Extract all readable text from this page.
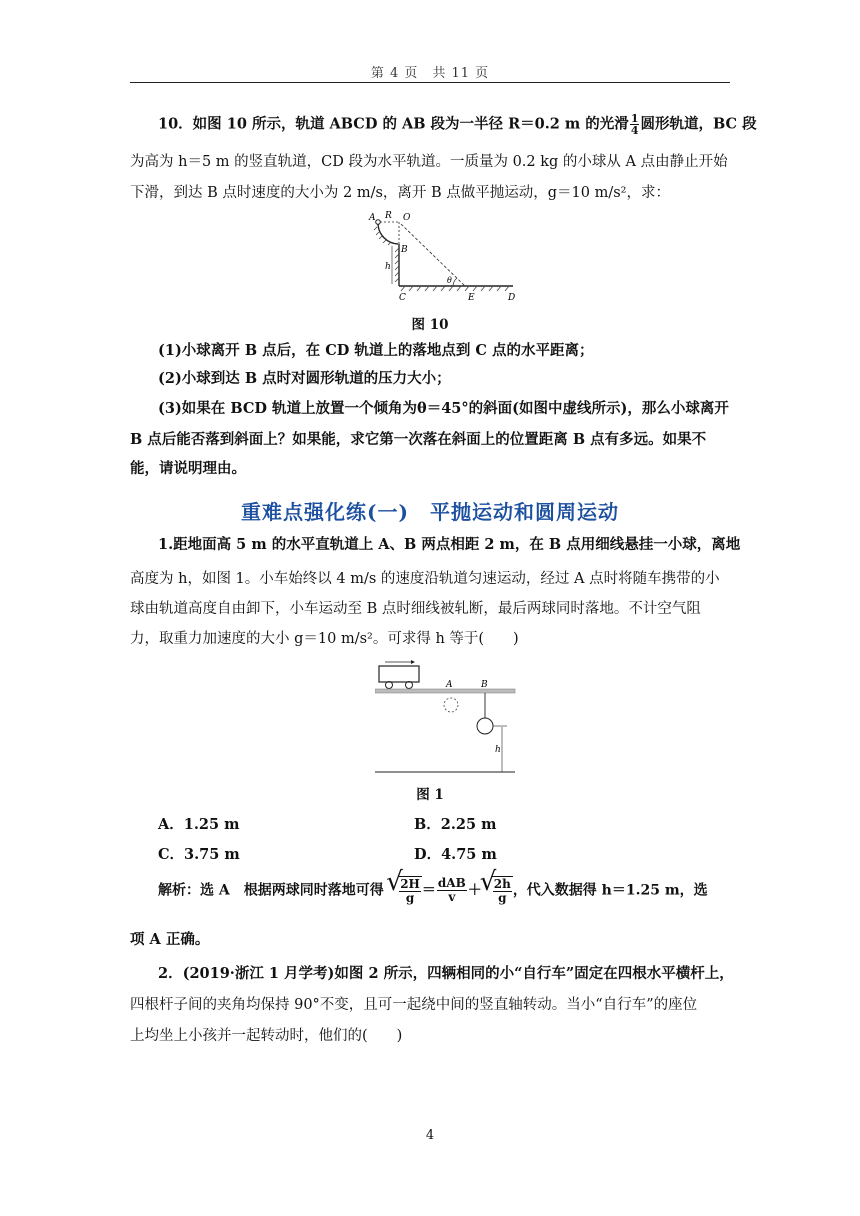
第 4 页　共 11 页
10．如图 10 所示，轨道 ABCD 的 AB 段为一半径 R＝0.2 m 的光滑 $\frac{1}{4}$ 圆形轨道，BC 段
为高为 h＝5 m 的竖直轨道，CD 段为水平轨道。一质量为 0.2 kg 的小球从 A 点由静止开始
下滑，到达 B 点时速度的大小为 2 m/s，离开 B 点做平抛运动，g＝10 m/s²，求：
A R O
B
h
θ
C	E	D
图 10
(1)小球离开 B 点后，在 CD 轨道上的落地点到 C 点的水平距离；
(2)小球到达 B 点时对圆形轨道的压力大小；
(3)如果在 BCD 轨道上放置一个倾角为θ＝45°的斜面(如图中虚线所示)，那么小球离开
B 点后能否落到斜面上？如果能，求它第一次落在斜面上的位置距离 B 点有多远。如果不
能，请说明理由。
重难点强化练(一)　平抛运动和圆周运动
1.距地面高 5 m 的水平直轨道上 A、B 两点相距 2 m，在 B 点用细线悬挂一小球，离地
高度为 h，如图 1。小车始终以 4 m/s 的速度沿轨道匀速运动，经过 A 点时将随车携带的小
球由轨道高度自由卸下，小车运动至 B 点时细线被轧断，最后两球同时落地。不计空气阻
力，取重力加速度的大小 g＝10 m/s²。可求得 h 等于(　　)
A	B
h
图 1
A．1.25 m	B．2.25 m
C．3.75 m	D．4.75 m
解析：选 A　根据两球同时落地可得 √ $\frac{2H}{g} = \frac{\text{dAB}}{v}$ ＋ √ $\frac{2h}{g}$ ，代入数据得 h＝1.25 m，选
项 A 正确。
2．(2019·浙江 1 月学考)如图 2 所示，四辆相同的小“自行车”固定在四根水平横杆上，
四根杆子间的夹角均保持 90°不变，且可一起绕中间的竖直轴转动。当小“自行车”的座位
上均坐上小孩并一起转动时，他们的(　　)
4
